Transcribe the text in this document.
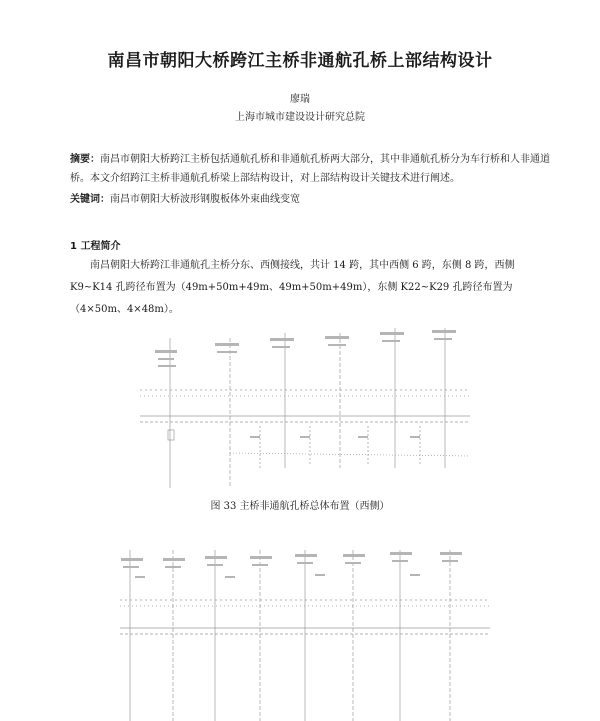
南昌市朝阳大桥跨江主桥非通航孔桥上部结构设计
廖瑞
上海市城市建设设计研究总院
摘要：南昌市朝阳大桥跨江主桥包括通航孔桥和非通航孔桥两大部分，其中非通航孔桥分为车行桥和人非通道桥。本文介绍跨江主桥非通航孔桥梁上部结构设计，对上部结构设计关键技术进行阐述。
关键词：南昌市朝阳大桥波形钢腹板体外束曲线变宽
1 工程简介
南昌朝阳大桥跨江非通航孔主桥分东、西侧接线，共计 14 跨，其中西侧 6 跨，东侧 8 跨，西侧 K9~K14 孔跨径布置为（49m+50m+49m、49m+50m+49m），东侧 K22~K29 孔跨径布置为（4×50m、4×48m）。
图 33 主桥非通航孔桥总体布置（西侧）
